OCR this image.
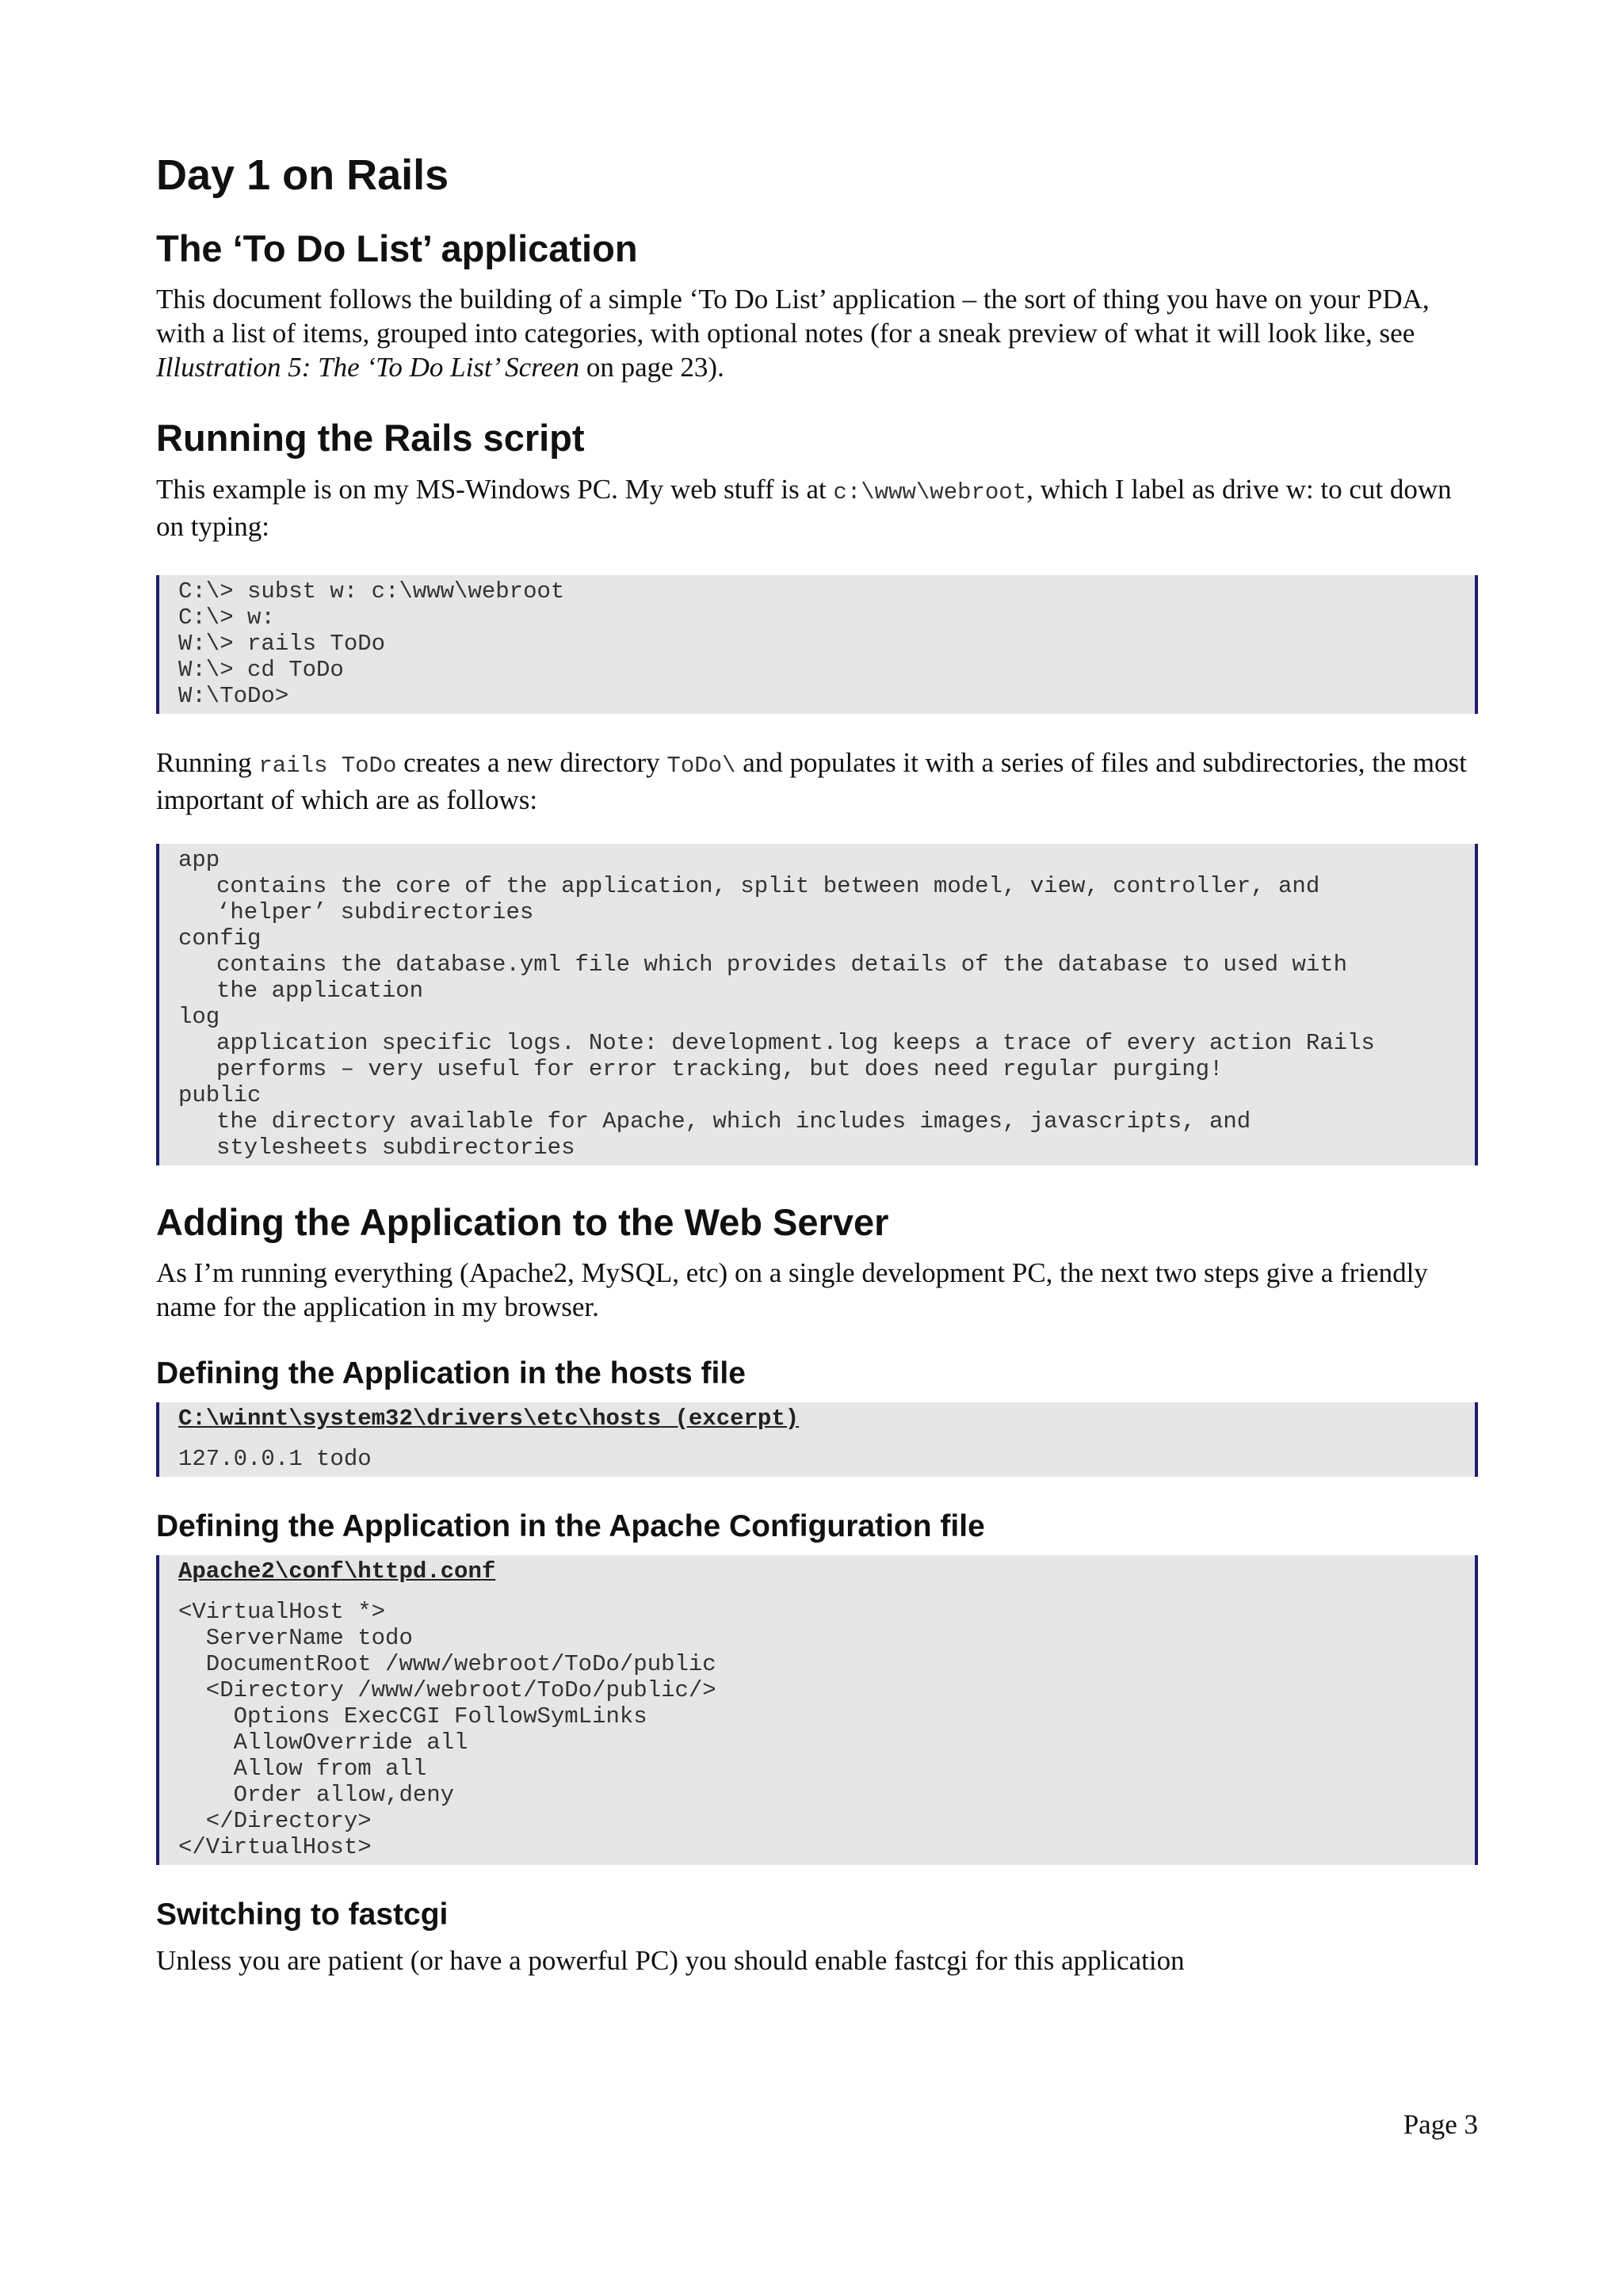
Day 1 on Rails
The ‘To Do List’ application

This document follows the building of a simple ‘To Do List’ application – the sort of thing you have on your PDA, with a list of items, grouped into categories, with optional notes (for a sneak preview of what it will look like, see Illustration 5: The ‘To Do List’ Screen on page 23).

Running the Rails script

This example is on my MS-Windows PC. My web stuff is at c:\www\webroot, which I label as drive w: to cut down on typing:

C:\> subst w: c:\www\webroot
C:\> w:
W:\> rails ToDo
W:\> cd ToDo
W:\ToDo>

Running rails ToDo creates a new directory ToDo\ and populates it with a series of files and subdirectories, the most important of which are as follows:

app
contains the core of the application, split between model, view, controller, and
‘helper’ subdirectories
config
contains the database.yml file which provides details of the database to used with
the application
log
application specific logs. Note: development.log keeps a trace of every action Rails
performs – very useful for error tracking, but does need regular purging!
public
the directory available for Apache, which includes images, javascripts, and
stylesheets subdirectories
Adding the Application to the Web Server

As I’m running everything (Apache2, MySQL, etc) on a single development PC, the next two steps give a friendly name for the application in my browser.

Defining the Application in the hosts file
C:\winnt\system32\drivers\etc\hosts (excerpt)
127.0.0.1 todo
Defining the Application in the Apache Configuration file
Apache2\conf\httpd.conf
<VirtualHost *>
ServerName todo
DocumentRoot /www/webroot/ToDo/public
<Directory /www/webroot/ToDo/public/>
Options ExecCGI FollowSymLinks
AllowOverride all
Allow from all
Order allow,deny
</Directory>
</VirtualHost>
Switching to fastcgi

Unless you are patient (or have a powerful PC) you should enable fastcgi for this application

Page 3
